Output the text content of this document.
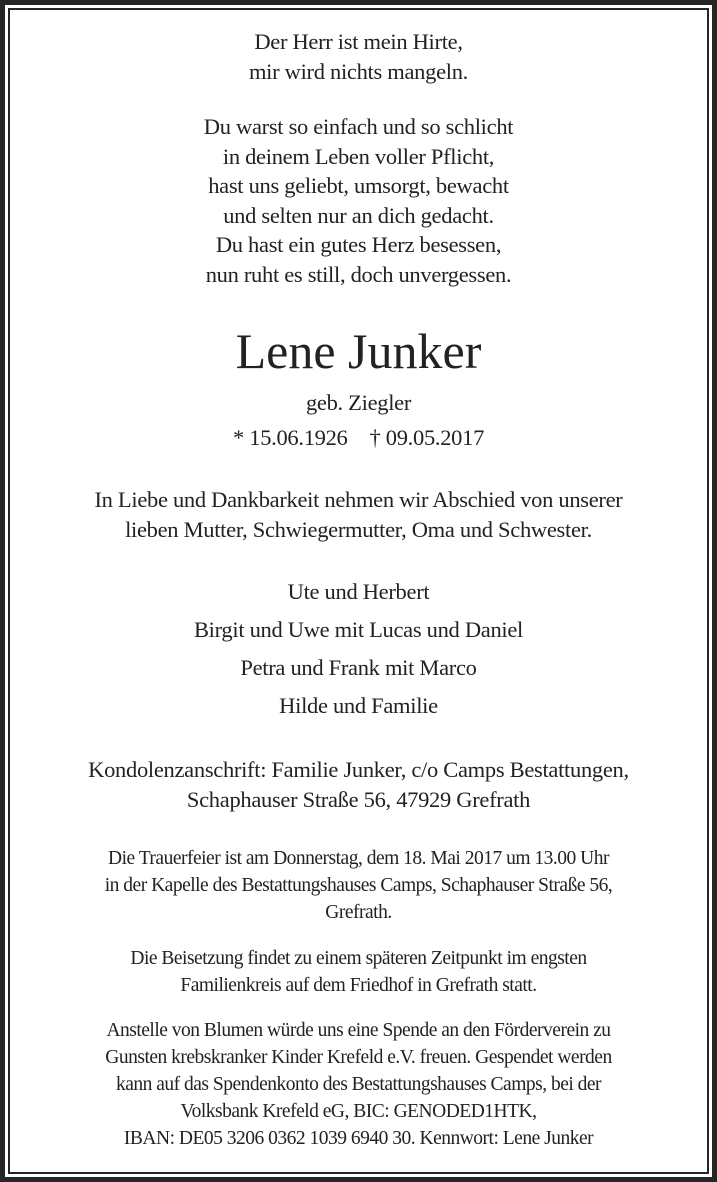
Der Herr ist mein Hirte,
mir wird nichts mangeln.
Du warst so einfach und so schlicht
in deinem Leben voller Pflicht,
hast uns geliebt, umsorgt, bewacht
und selten nur an dich gedacht.
Du hast ein gutes Herz besessen,
nun ruht es still, doch unvergessen.
Lene Junker
geb. Ziegler
* 15.06.1926 † 09.05.2017
In Liebe und Dankbarkeit nehmen wir Abschied von unserer
lieben Mutter, Schwiegermutter, Oma und Schwester.
Ute und Herbert
Birgit und Uwe mit Lucas und Daniel
Petra und Frank mit Marco
Hilde und Familie
Kondolenzanschrift: Familie Junker, c/o Camps Bestattungen,
Schaphauser Straße 56, 47929 Grefrath
Die Trauerfeier ist am Donnerstag, dem 18. Mai 2017 um 13.00 Uhr
in der Kapelle des Bestattungshauses Camps, Schaphauser Straße 56,
Grefrath.
Die Beisetzung findet zu einem späteren Zeitpunkt im engsten
Familienkreis auf dem Friedhof in Grefrath statt.
Anstelle von Blumen würde uns eine Spende an den Förderverein zu
Gunsten krebskranker Kinder Krefeld e.V. freuen. Gespendet werden
kann auf das Spendenkonto des Bestattungshauses Camps, bei der
Volksbank Krefeld eG, BIC: GENODED1HTK,
IBAN: DE05 3206 0362 1039 6940 30. Kennwort: Lene Junker
